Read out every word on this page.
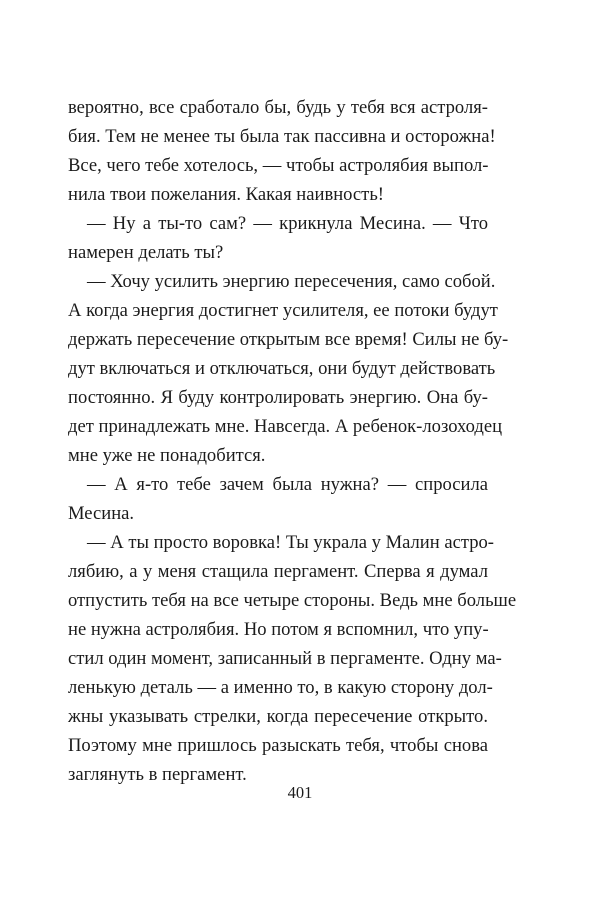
вероятно, все сработало бы, будь у тебя вся астроля-
бия. Тем не менее ты была так пассивна и осторожна!
Все, чего тебе хотелось, — чтобы астролябия выпол-
нила твои пожелания. Какая наивность!
— Ну а ты-то сам? — крикнула Месина. — Что
намерен делать ты?
— Хочу усилить энергию пересечения, само собой.
А когда энергия достигнет усилителя, ее потоки будут
держать пересечение открытым все время! Силы не бу-
дут включаться и отключаться, они будут действовать
постоянно. Я буду контролировать энергию. Она бу-
дет принадлежать мне. Навсегда. А ребенок-лозоходец
мне уже не понадобится.
— А я-то тебе зачем была нужна? — спросила
Месина.
— А ты просто воровка! Ты украла у Малин астро-
лябию, а у меня стащила пергамент. Сперва я думал
отпустить тебя на все четыре стороны. Ведь мне больше
не нужна астролябия. Но потом я вспомнил, что упу-
стил один момент, записанный в пергаменте. Одну ма-
ленькую деталь — а именно то, в какую сторону дол-
жны указывать стрелки, когда пересечение открыто.
Поэтому мне пришлось разыскать тебя, чтобы снова
заглянуть в пергамент.
401
